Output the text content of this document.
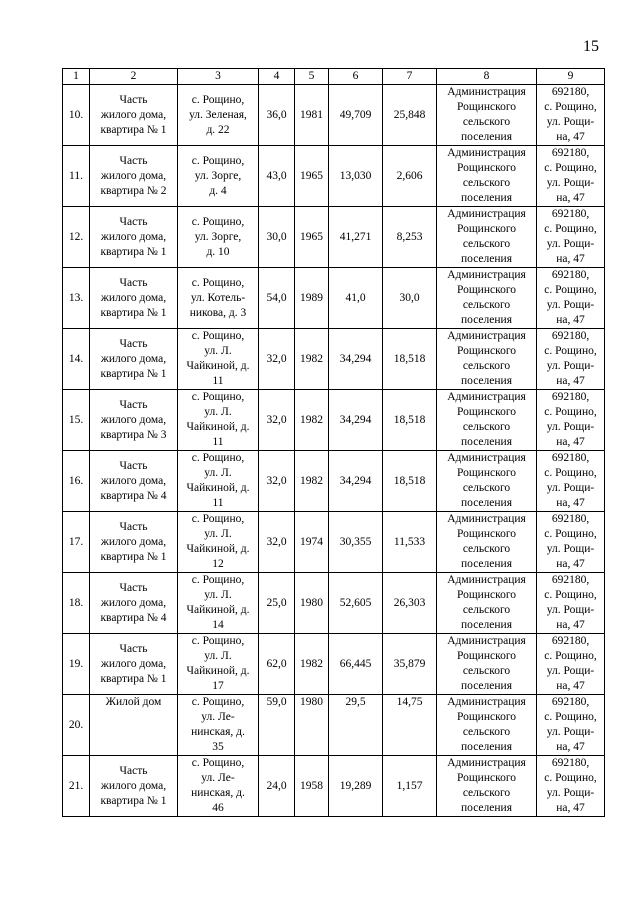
15
1	2	3	4	5	6	7	8	9
10.	Часть
жилого дома,
квартира № 1	с. Рощино,
ул. Зеленая,
д. 22	36,0	1981	49,709	25,848	Администрация
Рощинского
сельского
поселения	692180,
с. Рощино,
ул. Рощи-
на, 47

11.	Часть
жилого дома,
квартира № 2	с. Рощино,
ул. Зорге,
д. 4	43,0	1965	13,030	2,606	Администрация
Рощинского
сельского
поселения	692180,
с. Рощино,
ул. Рощи-
на, 47

12.	Часть
жилого дома,
квартира № 1	с. Рощино,
ул. Зорге,
д. 10	30,0	1965	41,271	8,253	Администрация
Рощинского
сельского
поселения	692180,
с. Рощино,
ул. Рощи-
на, 47

13.	Часть
жилого дома,
квартира № 1	с. Рощино,
ул. Котель-
никова, д. 3	54,0	1989	41,0	30,0	Администрация
Рощинского
сельского
поселения	692180,
с. Рощино,
ул. Рощи-
на, 47

14.	Часть
жилого дома,
квартира № 1	с. Рощино,
ул. Л.
Чайкиной, д.
11	32,0	1982	34,294	18,518	Администрация
Рощинского
сельского
поселения	692180,
с. Рощино,
ул. Рощи-
на, 47

15.	Часть
жилого дома,
квартира № 3	с. Рощино,
ул. Л.
Чайкиной, д.
11	32,0	1982	34,294	18,518	Администрация
Рощинского
сельского
поселения	692180,
с. Рощино,
ул. Рощи-
на, 47

16.	Часть
жилого дома,
квартира № 4	с. Рощино,
ул. Л.
Чайкиной, д.
11	32,0	1982	34,294	18,518	Администрация
Рощинского
сельского
поселения	692180,
с. Рощино,
ул. Рощи-
на, 47

17.	Часть
жилого дома,
квартира № 1	с. Рощино,
ул. Л.
Чайкиной, д.
12	32,0	1974	30,355	11,533	Администрация
Рощинского
сельского
поселения	692180,
с. Рощино,
ул. Рощи-
на, 47

18.	Часть
жилого дома,
квартира № 4	с. Рощино,
ул. Л.
Чайкиной, д.
14	25,0	1980	52,605	26,303	Администрация
Рощинского
сельского
поселения	692180,
с. Рощино,
ул. Рощи-
на, 47

19.	Часть
жилого дома,
квартира № 1	с. Рощино,
ул. Л.
Чайкиной, д.
17	62,0	1982	66,445	35,879	Администрация
Рощинского
сельского
поселения	692180,
с. Рощино,
ул. Рощи-
на, 47

20.	Жилой дом	с. Рощино,
ул. Ле-
нинская, д.
35	59,0	1980	29,5	14,75	Администрация
Рощинского
сельского
поселения	692180,
с. Рощино,
ул. Рощи-
на, 47

21.	Часть
жилого дома,
квартира № 1	с. Рощино,
ул. Ле-
нинская, д.
46	24,0	1958	19,289	1,157	Администрация
Рощинского
сельского
поселения	692180,
с. Рощино,
ул. Рощи-
на, 47
